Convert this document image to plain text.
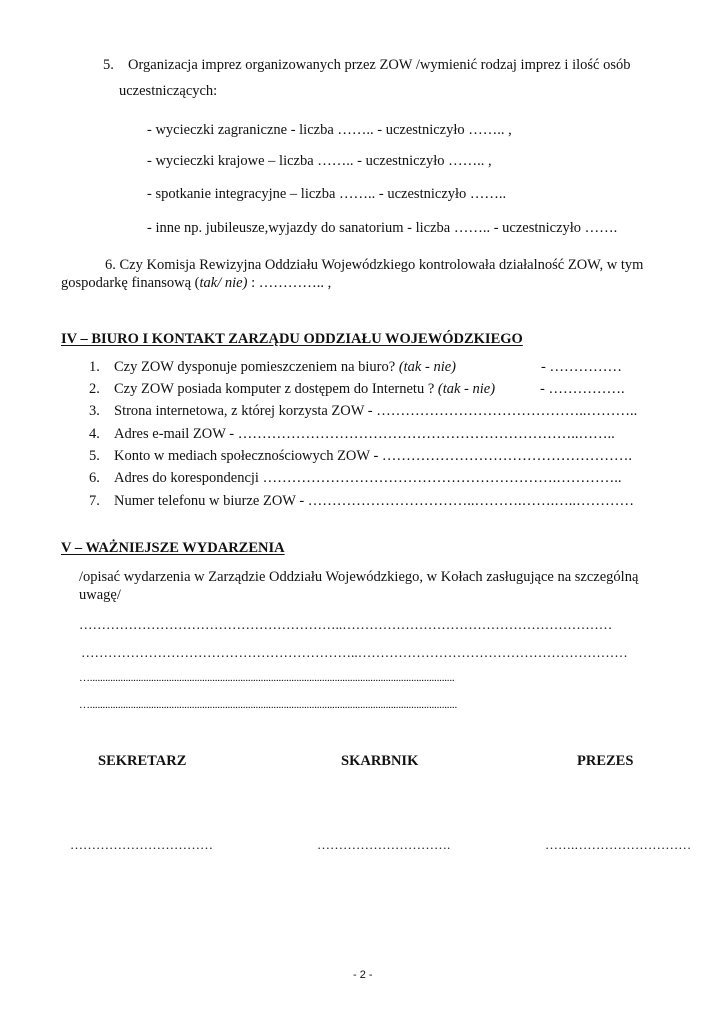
5. Organizacja imprez organizowanych przez ZOW /wymienić rodzaj imprez i ilość osób
uczestniczących:
- wycieczki zagraniczne - liczba …….. - uczestniczyło …….. ,
- wycieczki krajowe – liczba …….. - uczestniczyło …….. ,
- spotkanie integracyjne – liczba …….. - uczestniczyło ……..
- inne np. jubileusze,wyjazdy do sanatorium - liczba …….. - uczestniczyło …….
6. Czy Komisja Rewizyjna Oddziału Wojewódzkiego kontrolowała działalność ZOW, w tym
gospodarkę finansową (tak/ nie) : ………….. ,
IV – BIURO I KONTAKT ZARZĄDU ODDZIAŁU WOJEWÓDZKIEGO
1. Czy ZOW dysponuje pomieszczeniem na biuro? (tak - nie)	- ……………
2. Czy ZOW posiada komputer z dostępem do Internetu ? (tak - nie)	- …………….
3. Strona internetowa, z której korzysta ZOW - ……………………………………..………..
4. Adres e-mail ZOW - ……………………………………………………………..……..
5. Konto w mediach społecznościowych ZOW - …………………………………………….
6. Adres do korespondencji …………………………………………………….…………..
7. Numer telefonu w biurze ZOW - ……………………………..……….…….…..…………
V – WAŻNIEJSZE WYDARZENIA
/opisać wydarzenia w Zarządzie Oddziału Wojewódzkiego, w Kołach zasługujące na szczególną
uwagę/
…………………………………………………..……………………………………………………
……………………………………………………..……………………………………………………
…...............................................................................................................................................
…................................................................................................................................................
SEKRETARZ	SKARBNIK	PREZES
……………………………	………………………….	…….………………………
- 2 -
